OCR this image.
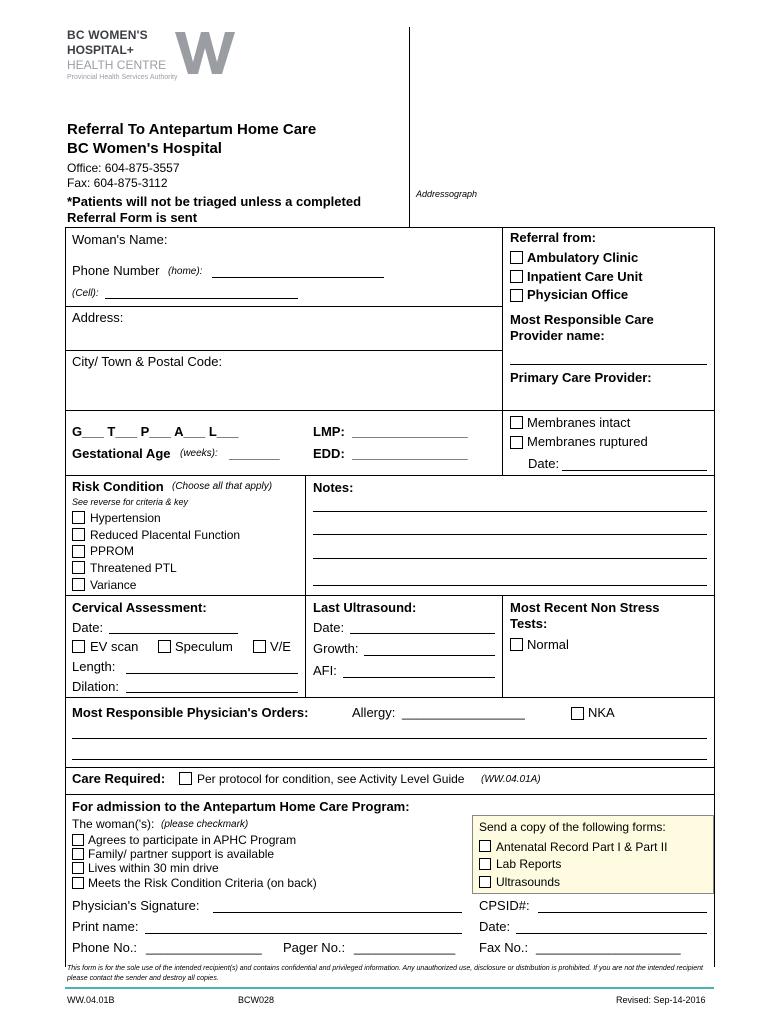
BC WOMEN'S
HOSPITAL+
HEALTH CENTRE
Provincial Health Services Authority
Referral To Antepartum Home Care
BC Women's Hospital
Office: 604-875-3557
Fax: 604-875-3112
*Patients will not be triaged unless a completed
Referral Form is sent
Addressograph
Woman's Name:
Phone Number (home):
(Cell):
Address:
City/ Town & Postal Code:
Referral from:
Ambulatory Clinic
Inpatient Care Unit
Physician Office
Most Responsible Care
Provider name:
Primary Care Provider:
G___ T___ P___ A___ L___
Gestational Age (weeks): _______
LMP: ________________
EDD: ________________
Membranes intact
Membranes ruptured
Date:
Risk Condition (Choose all that apply)
See reverse for criteria & key
Hypertension
Reduced Placental Function
PPROM
Threatened PTL
Variance
Notes:
Cervical Assessment:
Date:
EV scan	Speculum	V/E
Length:
Dilation:
Last Ultrasound:
Date:
Growth:
AFI:
Most Recent Non Stress
Tests:
Normal
Most Responsible Physician's Orders:	Allergy: _________________	NKA
Care Required:	Per protocol for condition, see Activity Level Guide (WW.04.01A)
For admission to the Antepartum Home Care Program:
The woman('s): (please checkmark)
Agrees to participate in APHC Program
Family/ partner support is available
Lives within 30 min drive
Meets the Risk Condition Criteria (on back)
Send a copy of the following forms:
Antenatal Record Part I & Part II
Lab Reports
Ultrasounds
Physician's Signature:	CPSID#:
Print name:	Date:
Phone No.: ________________ Pager No.: ______________ Fax No.: ____________________
This form is for the sole use of the intended recipient(s) and contains confidential and privileged information. Any unauthorized use, disclosure or distribution is prohibited. If you are not the intended recipient please contact the sender and destroy all copies.
WW.04.01B	BCW028	Revised: Sep-14-2016
